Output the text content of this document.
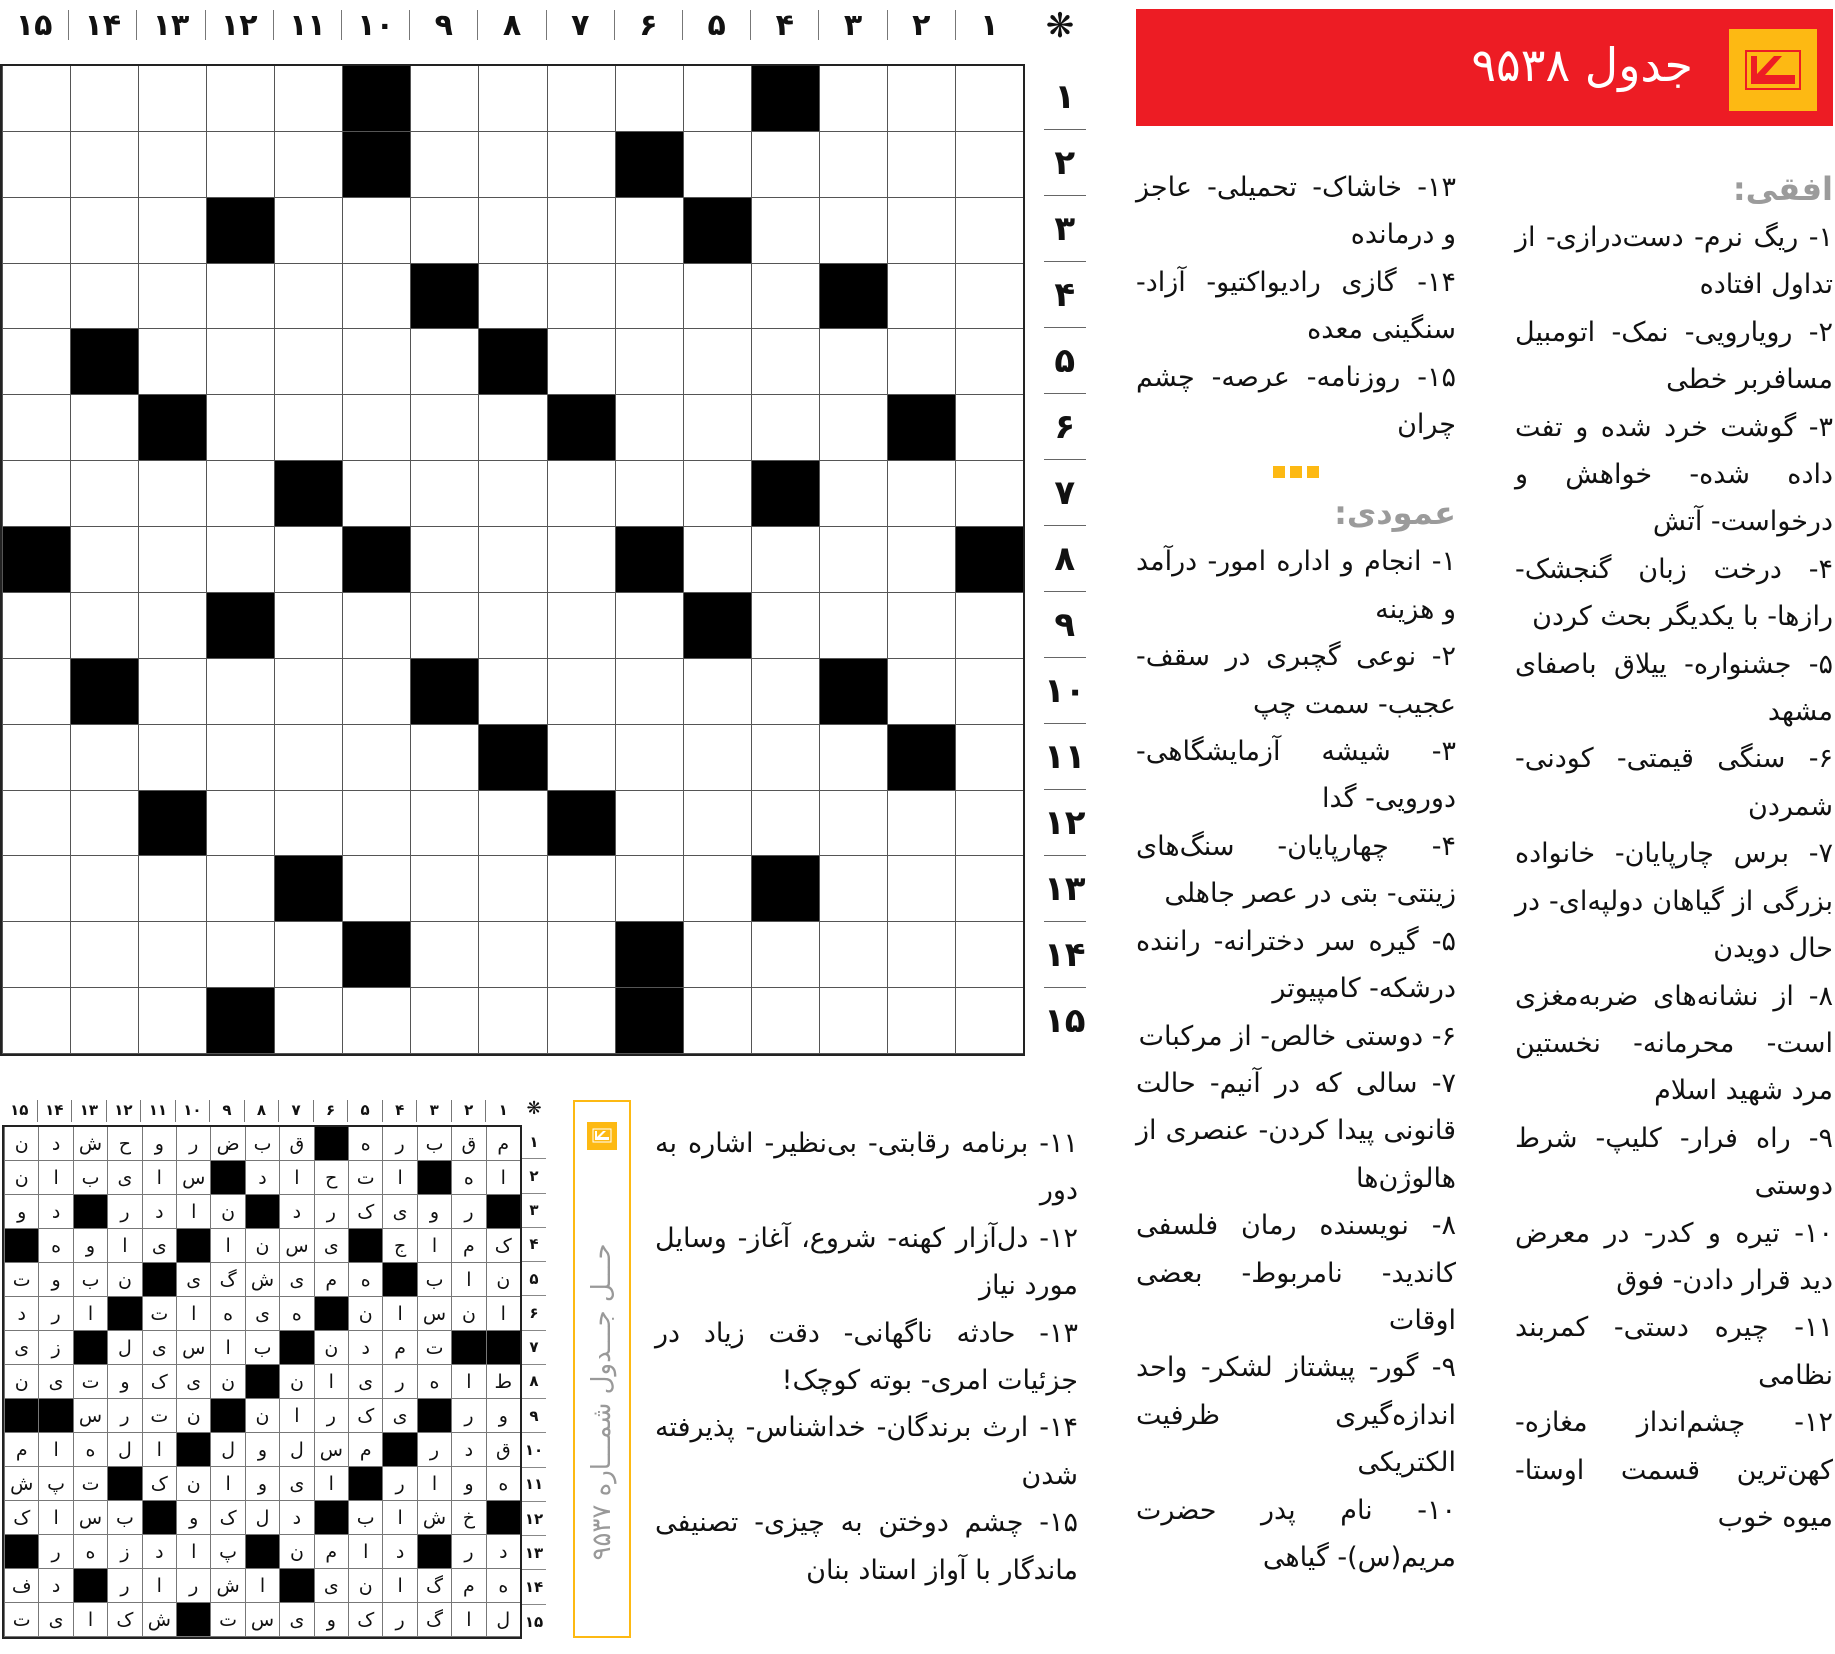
۱
۲
۳
۴
۵
۶
۷
۸
۹
۱۰
۱۱
۱۲
۱۳
۱۴
۱۵	❋
۱
۲
۳
۴
۵
۶
۷
۸
۹
۱۰
۱۱
۱۲
۱۳
۱۴
۱۵
جدول ۹۵۳۸
افقی:

۱- ریگ نرم- دست‌درازی- از تداول افتاده

۲- رویارویی- نمک- اتومبیل مسافربر خطی

۳- گوشت خرد شده و تفت داده شده- خواهش و درخواست- آتش

۴- درخت زبان گنجشک- رازها- با یکدیگر بحث کردن

۵- جشنواره- ییلاق باصفای مشهد

۶- سنگی قیمتی- کودنی- شمردن

۷- برس چارپایان- خانواده بزرگی از گیاهان دولپه‌ای- در حال دویدن

۸- از نشانه‌های ضربه‌مغزی است- محرمانه- نخستین مرد شهید اسلام

۹- راه فرار- کلیپ- شرط دوستی

۱۰- تیره و کدر- در معرض دید قرار دادن- فوق

۱۱- چیره دستی- کمربند نظامی

۱۲- چشم‌انداز مغازه- کهن‌ترین قسمت اوستا- میوه خوب

۱۳- خاشاک- تحمیلی- عاجز و درمانده

۱۴- گازی رادیواکتیو- آزاد- سنگینی معده

۱۵- روزنامه- عرصه- چشم چران

عمودی:

۱- انجام و اداره امور- درآمد و هزینه

۲- نوعی گچبری در سقف- عجیب- سمت چپ

۳- شیشه آزمایشگاهی- دورویی- گدا

۴- چهارپایان- سنگ‌های زینتی- بتی در عصر جاهلی

۵- گیره سر دخترانه- راننده درشکه- کامپیوتر

۶- دوستی خالص- از مرکبات

۷- سالی که در آنیم- حالت قانونی پیدا کردن- عنصری از هالوژن‌ها

۸- نویسنده رمان فلسفی کاندید- نامربوط- بعضی اوقات

۹- گور- پیشتاز لشکر- واحد اندازه‌گیری ظرفیت الکتریکی

۱۰- نام پدر حضرت مریم(س)- گیاهی

۱۱- برنامه رقابتی- بی‌نظیر- اشاره به دور

۱۲- دل‌آزار کهنه- شروع، آغاز- وسایل مورد نیاز

۱۳- حادثه ناگهانی- دقت زیاد در جزئیات امری- بوته کوچک!

۱۴- ارث برندگان- خداشناس- پذیرفته شدن

۱۵- چشم دوختن به چیزی- تصنیفی ماندگار با آواز استاد بنان

حـــل جـــدول شمـــاره ۹۵۳۷
۱
۲
۳
۴
۵
۶
۷
۸
۹
۱۰
۱۱
۱۲
۱۳
۱۴
۱۵	❋
م
ق
ب
ر
ه
ق
ب
ض
ر
و
ح
ش
د
ن
ا
ه
ا
ت
ح
ا
د
س
ا
ی
ب
ا
ن
ر
و
ی
ک
ر
د
ن
ا
د
ر
د
و
ک
م
ا
ج
ی
س
ن
ا
ی
ا
و
ه
ن
ا
ب
ه
م
ی
ش
گ
ی
ن
ب
و
ت
ا
ن
س
ا
ن
ه
ی
ه
ا
ت
ا
ر
د
ت
م
د
ن
ب
ا
س
ی
ل
ز
ی
ط
ا
ه
ر
ی
ا
ن
ن
ی
ک
و
ت
ی
ن
و
ر
ی
ک
ر
ا
ن
ن
ت
ر
س
ق
د
ر
م
س
ل
و
ل
ا
ل
ه
ا
م
ه
و
ا
ر
ا
ی
و
ا
ن
ک
ت
پ
ش
خ
ش
ا
ب
د
ل
ک
و
ب
س
ا
ک
د
ر
د
ا
م
ن
پ
ا
د
ز
ه
ر
ه
م
گ
ا
ن
ی
ا
ش
ر
ا
ر
د
ف
ل
ا
گ
ر
ک
و
ی
س
ت
ش
ک
ا
ی
ت
۱
۲
۳
۴
۵
۶
۷
۸
۹
۱۰
۱۱
۱۲
۱۳
۱۴
۱۵
